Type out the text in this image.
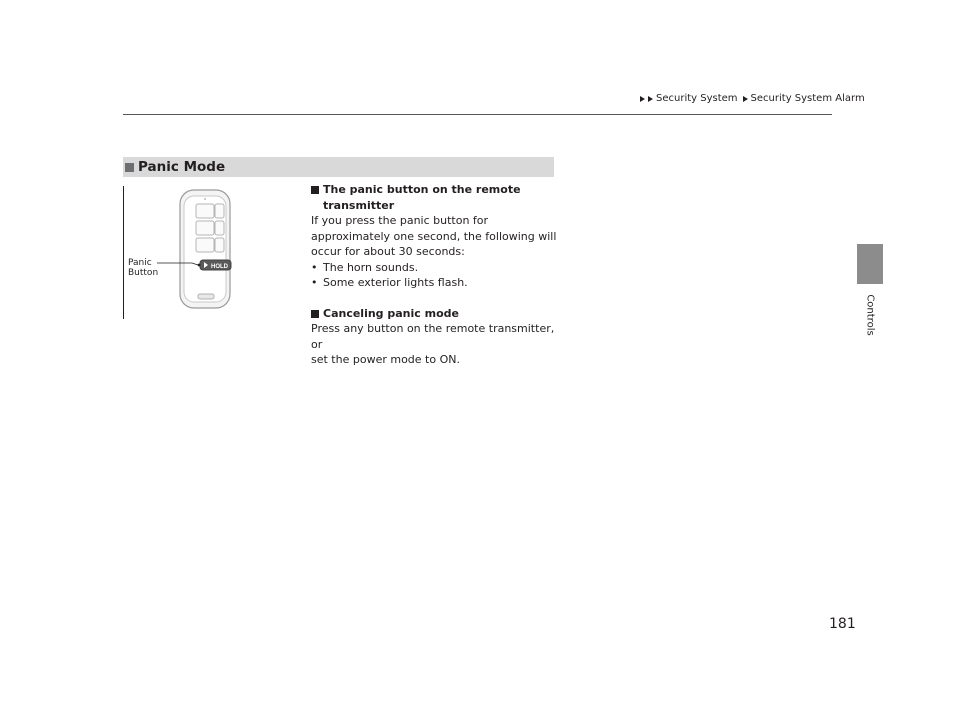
Security System Security System Alarm
Controls
Panic Mode
HOLD
Panic
Button
The panic button on the remote
transmitter

If you press the panic button for
approximately one second, the following will
occur for about 30 seconds:

• The horn sounds.
• Some exterior lights flash.
Canceling panic mode

Press any button on the remote transmitter, or
set the power mode to ON.

181
